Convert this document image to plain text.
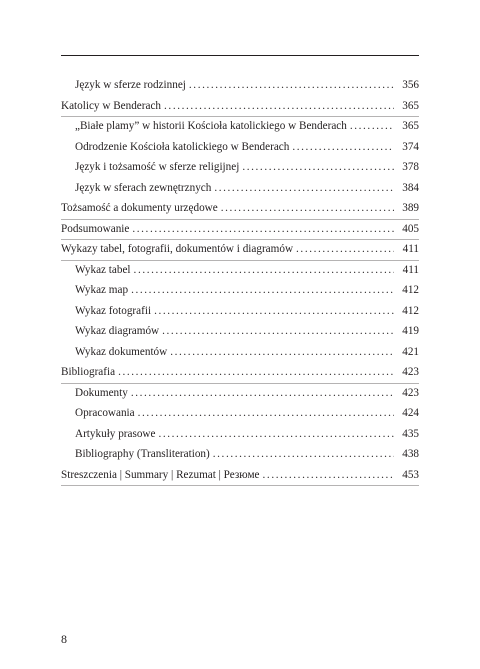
Język w sferze rodzinnej . . .	356
Katolicy w Benderach . . .	365
„Białe plamy” w historii Kościoła katolickiego w Benderach . . .	365
Odrodzenie Kościoła katolickiego w Benderach . . .	374
Język i tożsamość w sferze religijnej . . .	378
Język w sferach zewnętrznych . . .	384
Tożsamość a dokumenty urzędowe . . .	389
Podsumowanie . . .	405
Wykazy tabel, fotografii, dokumentów i diagramów . . .	411
Wykaz tabel . . .	411
Wykaz map . . .	412
Wykaz fotografii . . .	412
Wykaz diagramów . . .	419
Wykaz dokumentów . . .	421
Bibliografia . . .	423
Dokumenty . . .	423
Opracowania . . .	424
Artykuły prasowe . . .	435
Bibliography (Transliteration) . . .	438
Streszczenia | Summary | Rezumat | Резюме . . .	453
8
